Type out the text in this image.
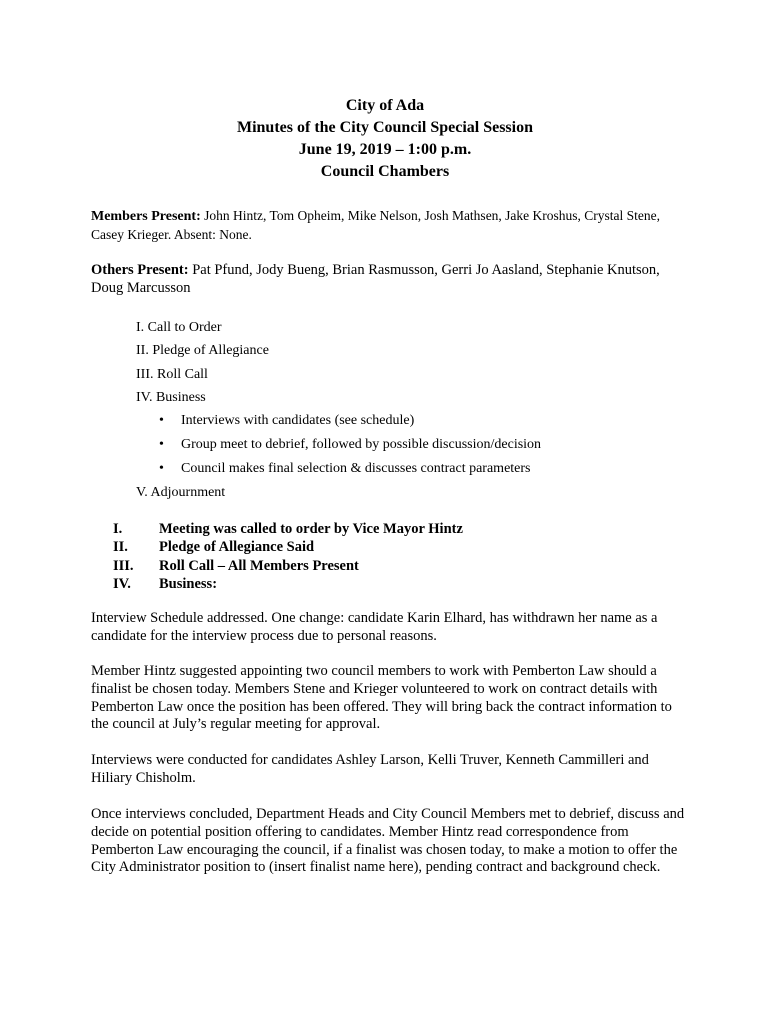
City of Ada
Minutes of the City Council Special Session
June 19, 2019 – 1:00 p.m.
Council Chambers
Members Present: John Hintz, Tom Opheim, Mike Nelson, Josh Mathsen, Jake Kroshus, Crystal Stene, Casey Krieger. Absent: None.
Others Present: Pat Pfund, Jody Bueng, Brian Rasmusson, Gerri Jo Aasland, Stephanie Knutson, Doug Marcusson
I. Call to Order
II. Pledge of Allegiance
III. Roll Call
IV. Business
• Interviews with candidates (see schedule)
• Group meet to debrief, followed by possible discussion/decision
• Council makes final selection & discusses contract parameters
V. Adjournment
I.	Meeting was called to order by Vice Mayor Hintz
II. Pledge of Allegiance Said
III. Roll Call – All Members Present
IV. Business:
Interview Schedule addressed. One change: candidate Karin Elhard, has withdrawn her name as a candidate for the interview process due to personal reasons.
Member Hintz suggested appointing two council members to work with Pemberton Law should a finalist be chosen today. Members Stene and Krieger volunteered to work on contract details with Pemberton Law once the position has been offered. They will bring back the contract information to the council at July’s regular meeting for approval.
Interviews were conducted for candidates Ashley Larson, Kelli Truver, Kenneth Cammilleri and Hiliary Chisholm.
Once interviews concluded, Department Heads and City Council Members met to debrief, discuss and decide on potential position offering to candidates. Member Hintz read correspondence from Pemberton Law encouraging the council, if a finalist was chosen today, to make a motion to offer the City Administrator position to (insert finalist name here), pending contract and background check.
